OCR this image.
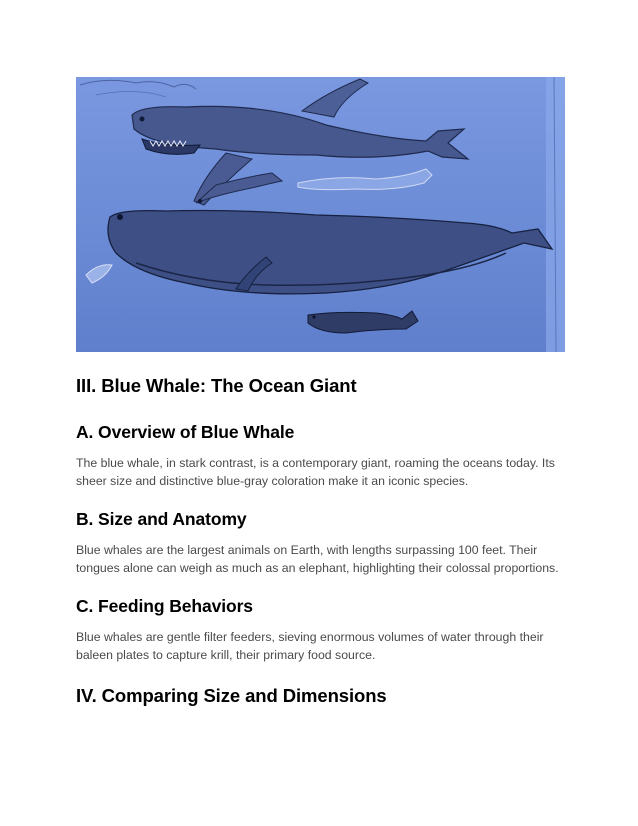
III. Blue Whale: The Ocean Giant
A. Overview of Blue Whale

The blue whale, in stark contrast, is a contemporary giant, roaming the oceans today. Its sheer size and distinctive blue-gray coloration make it an iconic species.

B. Size and Anatomy

Blue whales are the largest animals on Earth, with lengths surpassing 100 feet. Their tongues alone can weigh as much as an elephant, highlighting their colossal proportions.

C. Feeding Behaviors

Blue whales are gentle filter feeders, sieving enormous volumes of water through their baleen plates to capture krill, their primary food source.

IV. Comparing Size and Dimensions
